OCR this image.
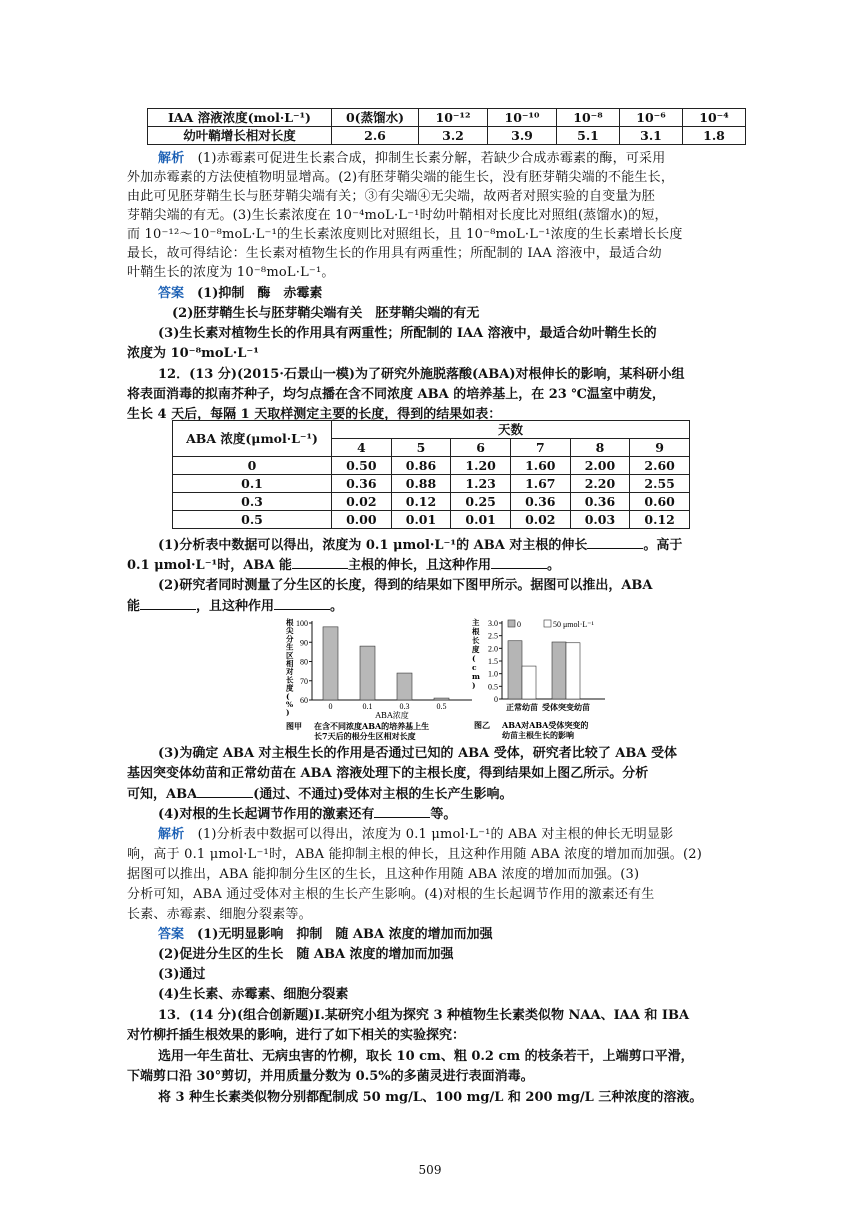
IAA 溶液浓度(mol·L⁻¹)	0(蒸馏水)	10⁻¹²	10⁻¹⁰	10⁻⁸	10⁻⁶	10⁻⁴
幼叶鞘增长相对长度	2.6	3.2	3.9	5.1	3.1	1.8
解析　(1)赤霉素可促进生长素合成，抑制生长素分解，若缺少合成赤霉素的酶，可采用
外加赤霉素的方法使植物明显增高。(2)有胚芽鞘尖端的能生长，没有胚芽鞘尖端的不能生长，
由此可见胚芽鞘生长与胚芽鞘尖端有关；③有尖端④无尖端，故两者对照实验的自变量为胚
芽鞘尖端的有无。(3)生长素浓度在 10⁻⁴moL·L⁻¹时幼叶鞘相对长度比对照组(蒸馏水)的短，
而 10⁻¹²～10⁻⁸moL·L⁻¹的生长素浓度则比对照组长，且 10⁻⁸moL·L⁻¹浓度的生长素增长长度
最长，故可得结论：生长素对植物生长的作用具有两重性；所配制的 IAA 溶液中，最适合幼
叶鞘生长的浓度为 10⁻⁸moL·L⁻¹。
答案　 (1)抑制　酶　赤霉素
(2)胚芽鞘生长与胚芽鞘尖端有关　胚芽鞘尖端的有无
(3)生长素对植物生长的作用具有两重性；所配制的 IAA 溶液中，最适合幼叶鞘生长的
浓度为 10⁻⁸moL·L⁻¹
12．(13 分)(2015·石景山一模)为了研究外施脱落酸(ABA)对根伸长的影响，某科研小组
将表面消毒的拟南芥种子，均匀点播在含不同浓度 ABA 的培养基上，在 23 ℃温室中萌发，
生长 4 天后，每隔 1 天取样测定主要的长度，得到的结果如表：
ABA 浓度(μmol·L⁻¹)	天数					
	4	5	6	7	8	9
0	0.50	0.86	1.20	1.60	2.00	2.60
0.1	0.36	0.88	1.23	1.67	2.20	2.55
0.3	0.02	0.12	0.25	0.36	0.36	0.60
0.5	0.00	0.01	0.01	0.02	0.03	0.12
(1)分析表中数据可以得出，浓度为 0.1 μmol·L⁻¹的 ABA 对主根的伸长	。高于
0.1 μmol·L⁻¹时，ABA 能	主根的伸长，且这种作用	。
(2)研究者同时测量了分生区的长度，得到的结果如下图甲所示。据图可以推出，ABA
能	，且这种作用	。
根
尖
分
生
区
相
对
长
度
(
%
)
60
70
80
90
100
0	0.1	0.3	0.5
ABA浓度
图甲 在含不同浓度ABA的培养基上生
长7天后的根分生区相对长度
主
根
长
度
(
c
m
)
0
0.5
1.0
1.5
2.0
2.5
3.0 0	50 μmol·L⁻¹
正常幼苗 受体突变幼苗
图乙 ABA对ABA受体突变的
幼苗主根生长的影响
(3)为确定 ABA 对主根生长的作用是否通过已知的 ABA 受体，研究者比较了 ABA 受体
基因突变体幼苗和正常幼苗在 ABA 溶液处理下的主根长度，得到结果如上图乙所示。分析
可知，ABA	(通过、不通过)受体对主根的生长产生影响。
(4)对根的生长起调节作用的激素还有	等。
解析　(1)分析表中数据可以得出，浓度为 0.1 μmol·L⁻¹的 ABA 对主根的伸长无明显影
响，高于 0.1 μmol·L⁻¹时，ABA 能抑制主根的伸长，且这种作用随 ABA 浓度的增加而加强。(2)
据图可以推出，ABA 能抑制分生区的生长，且这种作用随 ABA 浓度的增加而加强。(3)
分析可知，ABA 通过受体对主根的生长产生影响。(4)对根的生长起调节作用的激素还有生
长素、赤霉素、细胞分裂素等。
答案　 (1)无明显影响　抑制　随 ABA 浓度的增加而加强
(2)促进分生区的生长　随 ABA 浓度的增加而加强
(3)通过
(4)生长素、赤霉素、细胞分裂素
13．(14 分)(组合创新题)Ⅰ.某研究小组为探究 3 种植物生长素类似物 NAA、IAA 和 IBA
对竹柳扦插生根效果的影响，进行了如下相关的实验探究：
选用一年生苗壮、无病虫害的竹柳，取长 10 cm、粗 0.2 cm 的枝条若干，上端剪口平滑，
下端剪口沿 30°剪切，并用质量分数为 0.5%的多菌灵进行表面消毒。
将 3 种生长素类似物分别都配制成 50 mg/L、100 mg/L 和 200 mg/L 三种浓度的溶液。
509
